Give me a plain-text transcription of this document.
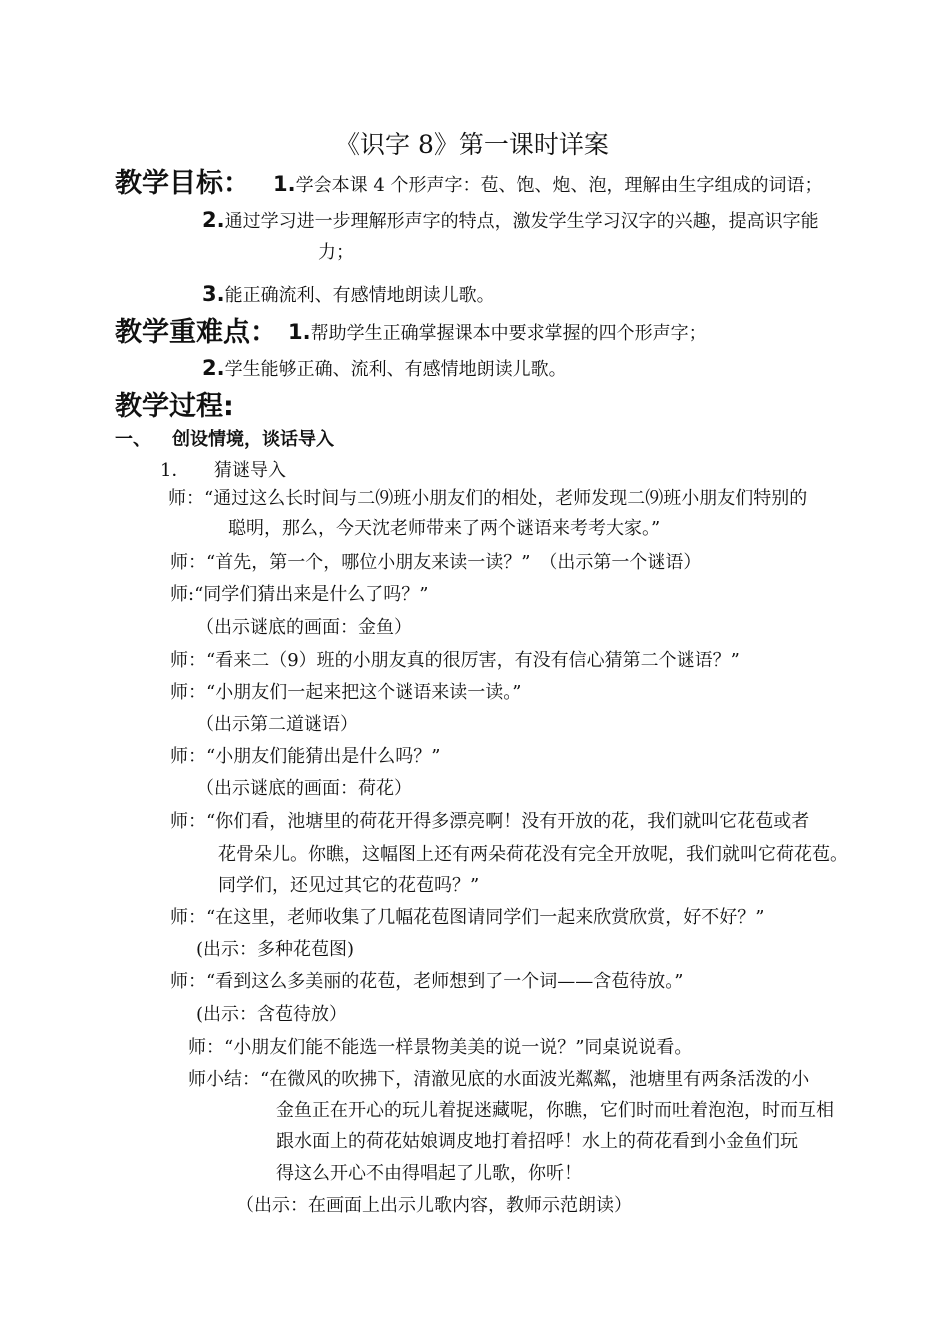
《识字 8》第一课时详案
教学目标： 1.学会本课 4 个形声字：苞、饱、炮、泡，理解由生字组成的词语；
2.通过学习进一步理解形声字的特点，激发学生学习汉字的兴趣，提高识字能
力；
3.能正确流利、有感情地朗读儿歌。
教学重难点： 1.帮助学生正确掌握课本中要求掌握的四个形声字；
2.学生能够正确、流利、有感情地朗读儿歌。
教学过程:
一、 创设情境，谈话导入
1． 猜谜导入
师：“通过这么长时间与二⑼班小朋友们的相处，老师发现二⑼班小朋友们特别的
聪明，那么，今天沈老师带来了两个谜语来考考大家。”
师：“首先，第一个，哪位小朋友来读一读？”　（出示第一个谜语）
师:“同学们猜出来是什么了吗？”
（出示谜底的画面：金鱼）
师：“看来二（9）班的小朋友真的很厉害，有没有信心猜第二个谜语？”
师：“小朋友们一起来把这个谜语来读一读。”
（出示第二道谜语）
师：“小朋友们能猜出是什么吗？”
（出示谜底的画面：荷花）
师：“你们看，池塘里的荷花开得多漂亮啊！没有开放的花，我们就叫它花苞或者
花骨朵儿。你瞧，这幅图上还有两朵荷花没有完全开放呢，我们就叫它荷花苞。
同学们，还见过其它的花苞吗？”
师：“在这里，老师收集了几幅花苞图请同学们一起来欣赏欣赏，好不好？”
(出示：多种花苞图)
师：“看到这么多美丽的花苞，老师想到了一个词——含苞待放。”
(出示：含苞待放）
师：“小朋友们能不能选一样景物美美的说一说？”同桌说说看。
师小结：“在微风的吹拂下，清澈见底的水面波光粼粼，池塘里有两条活泼的小
金鱼正在开心的玩儿着捉迷藏呢，你瞧，它们时而吐着泡泡，时而互相
跟水面上的荷花姑娘调皮地打着招呼！水上的荷花看到小金鱼们玩
得这么开心不由得唱起了儿歌，你听！
（出示：在画面上出示儿歌内容，教师示范朗读）
